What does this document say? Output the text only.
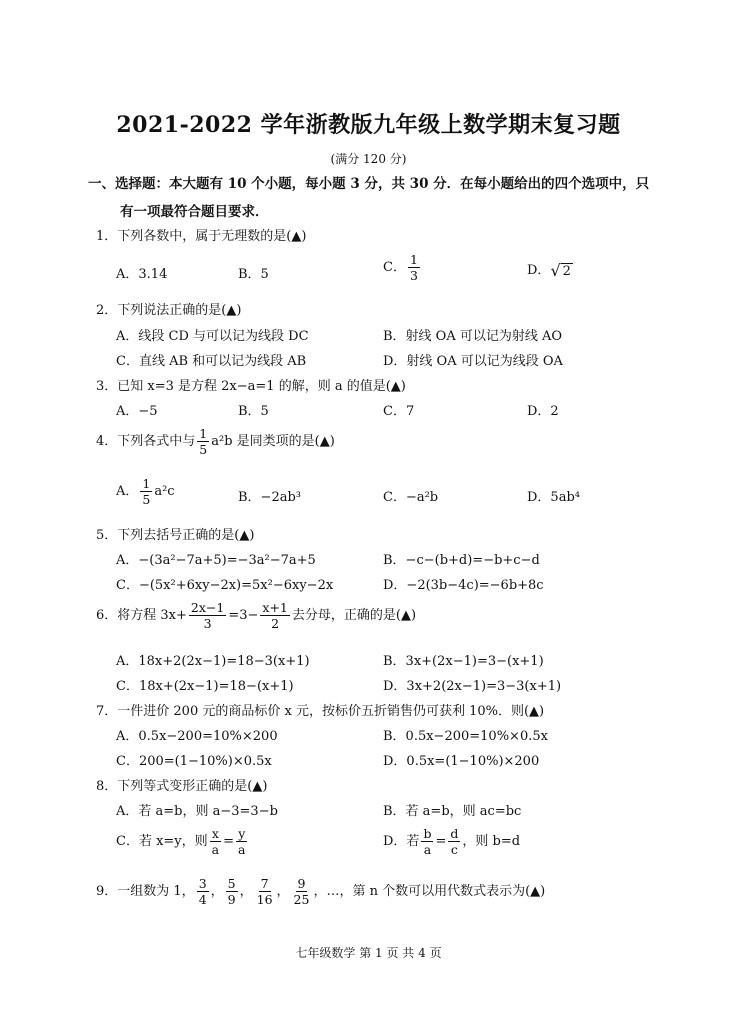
2021-2022 学年浙教版九年级上数学期末复习题
(满分 120 分)
一、选择题：本大题有 10 个小题，每小题 3 分，共 30 分．在每小题给出的四个选项中，只
有一项最符合题目要求．
1．下列各数中，属于无理数的是(▲)
A．3.14	B．5	C． $\frac{1}{3}$	D． √ 2
2．下列说法正确的是(▲)
A．线段 CD 与可以记为线段 DC	B．射线 OA 可以记为射线 AO
C．直线 AB 和可以记为线段 AB	D．射线 OA 可以记为线段 OA
3．已知 x=3 是方程 2x−a=1 的解，则 a 的值是(▲)
A．−5	B．5	C．7	D．2
4．下列各式中与 $\frac{1}{5} a^2b$ 是同类项的是(▲)
A． $\frac{1}{5} a^2c$	B．−2ab³	C．−a²b	D．5ab⁴
5．下列去括号正确的是(▲)
A．−(3a²−7a+5)=−3a²−7a+5	B．−c−(b+d)=−b+c−d
C．−(5x²+6xy−2x)=5x²−6xy−2x	D．−2(3b−4c)=−6b+8c
6．将方程 $3x+ \frac{2x-1}{3} =3- \frac{x+1}{2}$ 去分母，正确的是(▲)
A．18x+2(2x−1)=18−3(x+1)	B．3x+(2x−1)=3−(x+1)
C．18x+(2x−1)=18−(x+1)	D．3x+2(2x−1)=3−3(x+1)
7．一件进价 200 元的商品标价 x 元，按标价五折销售仍可获利 10%．则(▲)
A．0.5x−200=10%×200	B．0.5x−200=10%×0.5x
C．200=(1−10%)×0.5x	D．0.5x=(1−10%)×200
8．下列等式变形正确的是(▲)
A．若 a=b，则 a−3=3−b	B．若 a=b，则 ac=bc
C．若 x=y，则 $\frac{x}{a} = \frac{y}{a}$	D．若 $\frac{b}{a} = \frac{d}{c}$ ，则 b=d
9．一组数为 1， $\frac{3}{4}$ ， $\frac{5}{9}$ ， $\frac{7}{16}$ ， $\frac{9}{25}$ ，…，第 n 个数可以用代数式表示为(▲)
七年级数学 第 1 页 共 4 页
